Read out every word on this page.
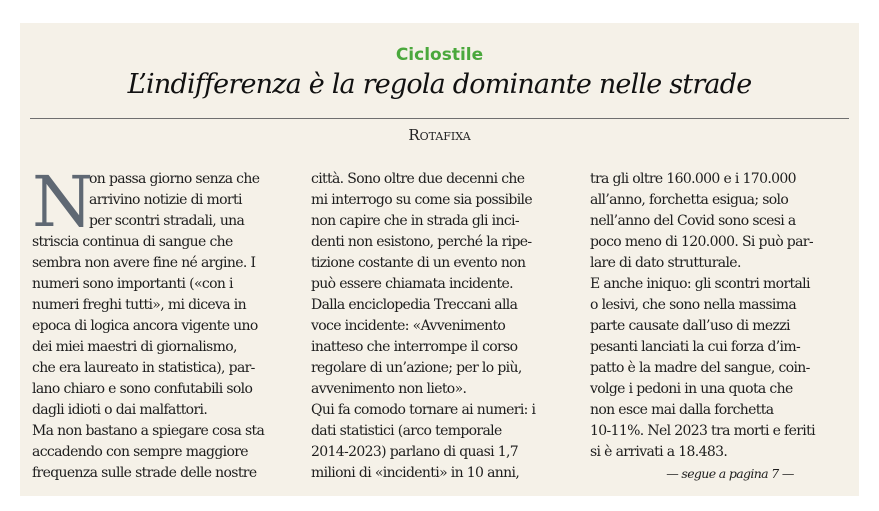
Ciclostile
L’indifferenza è la regola dominante nelle strade
Rotafixa
N
on passa giorno senza che
arrivino notizie di morti
per scontri stradali, una
striscia continua di sangue che
sembra non avere fine né argine. I
numeri sono importanti («con i
numeri freghi tutti», mi diceva in
epoca di logica ancora vigente uno
dei miei maestri di giornalismo,
che era laureato in statistica), par-
lano chiaro e sono confutabili solo
dagli idioti o dai malfattori.
Ma non bastano a spiegare cosa sta
accadendo con sempre maggiore
frequenza sulle strade delle nostre
città. Sono oltre due decenni che
mi interrogo su come sia possibile
non capire che in strada gli inci-
denti non esistono, perché la ripe-
tizione costante di un evento non
può essere chiamata incidente.
Dalla enciclopedia Treccani alla
voce incidente: «Avvenimento
inatteso che interrompe il corso
regolare di un’azione; per lo più,
avvenimento non lieto».
Qui fa comodo tornare ai numeri: i
dati statistici (arco temporale
2014-2023) parlano di quasi 1,7
milioni di «incidenti» in 10 anni,
tra gli oltre 160.000 e i 170.000
all’anno, forchetta esigua; solo
nell’anno del Covid sono scesi a
poco meno di 120.000. Si può par-
lare di dato strutturale.
E anche iniquo: gli scontri mortali
o lesivi, che sono nella massima
parte causate dall’uso di mezzi
pesanti lanciati la cui forza d’im-
patto è la madre del sangue, coin-
volge i pedoni in una quota che
non esce mai dalla forchetta
10-11%. Nel 2023 tra morti e feriti
si è arrivati a 18.483.
— segue a pagina 7 —
